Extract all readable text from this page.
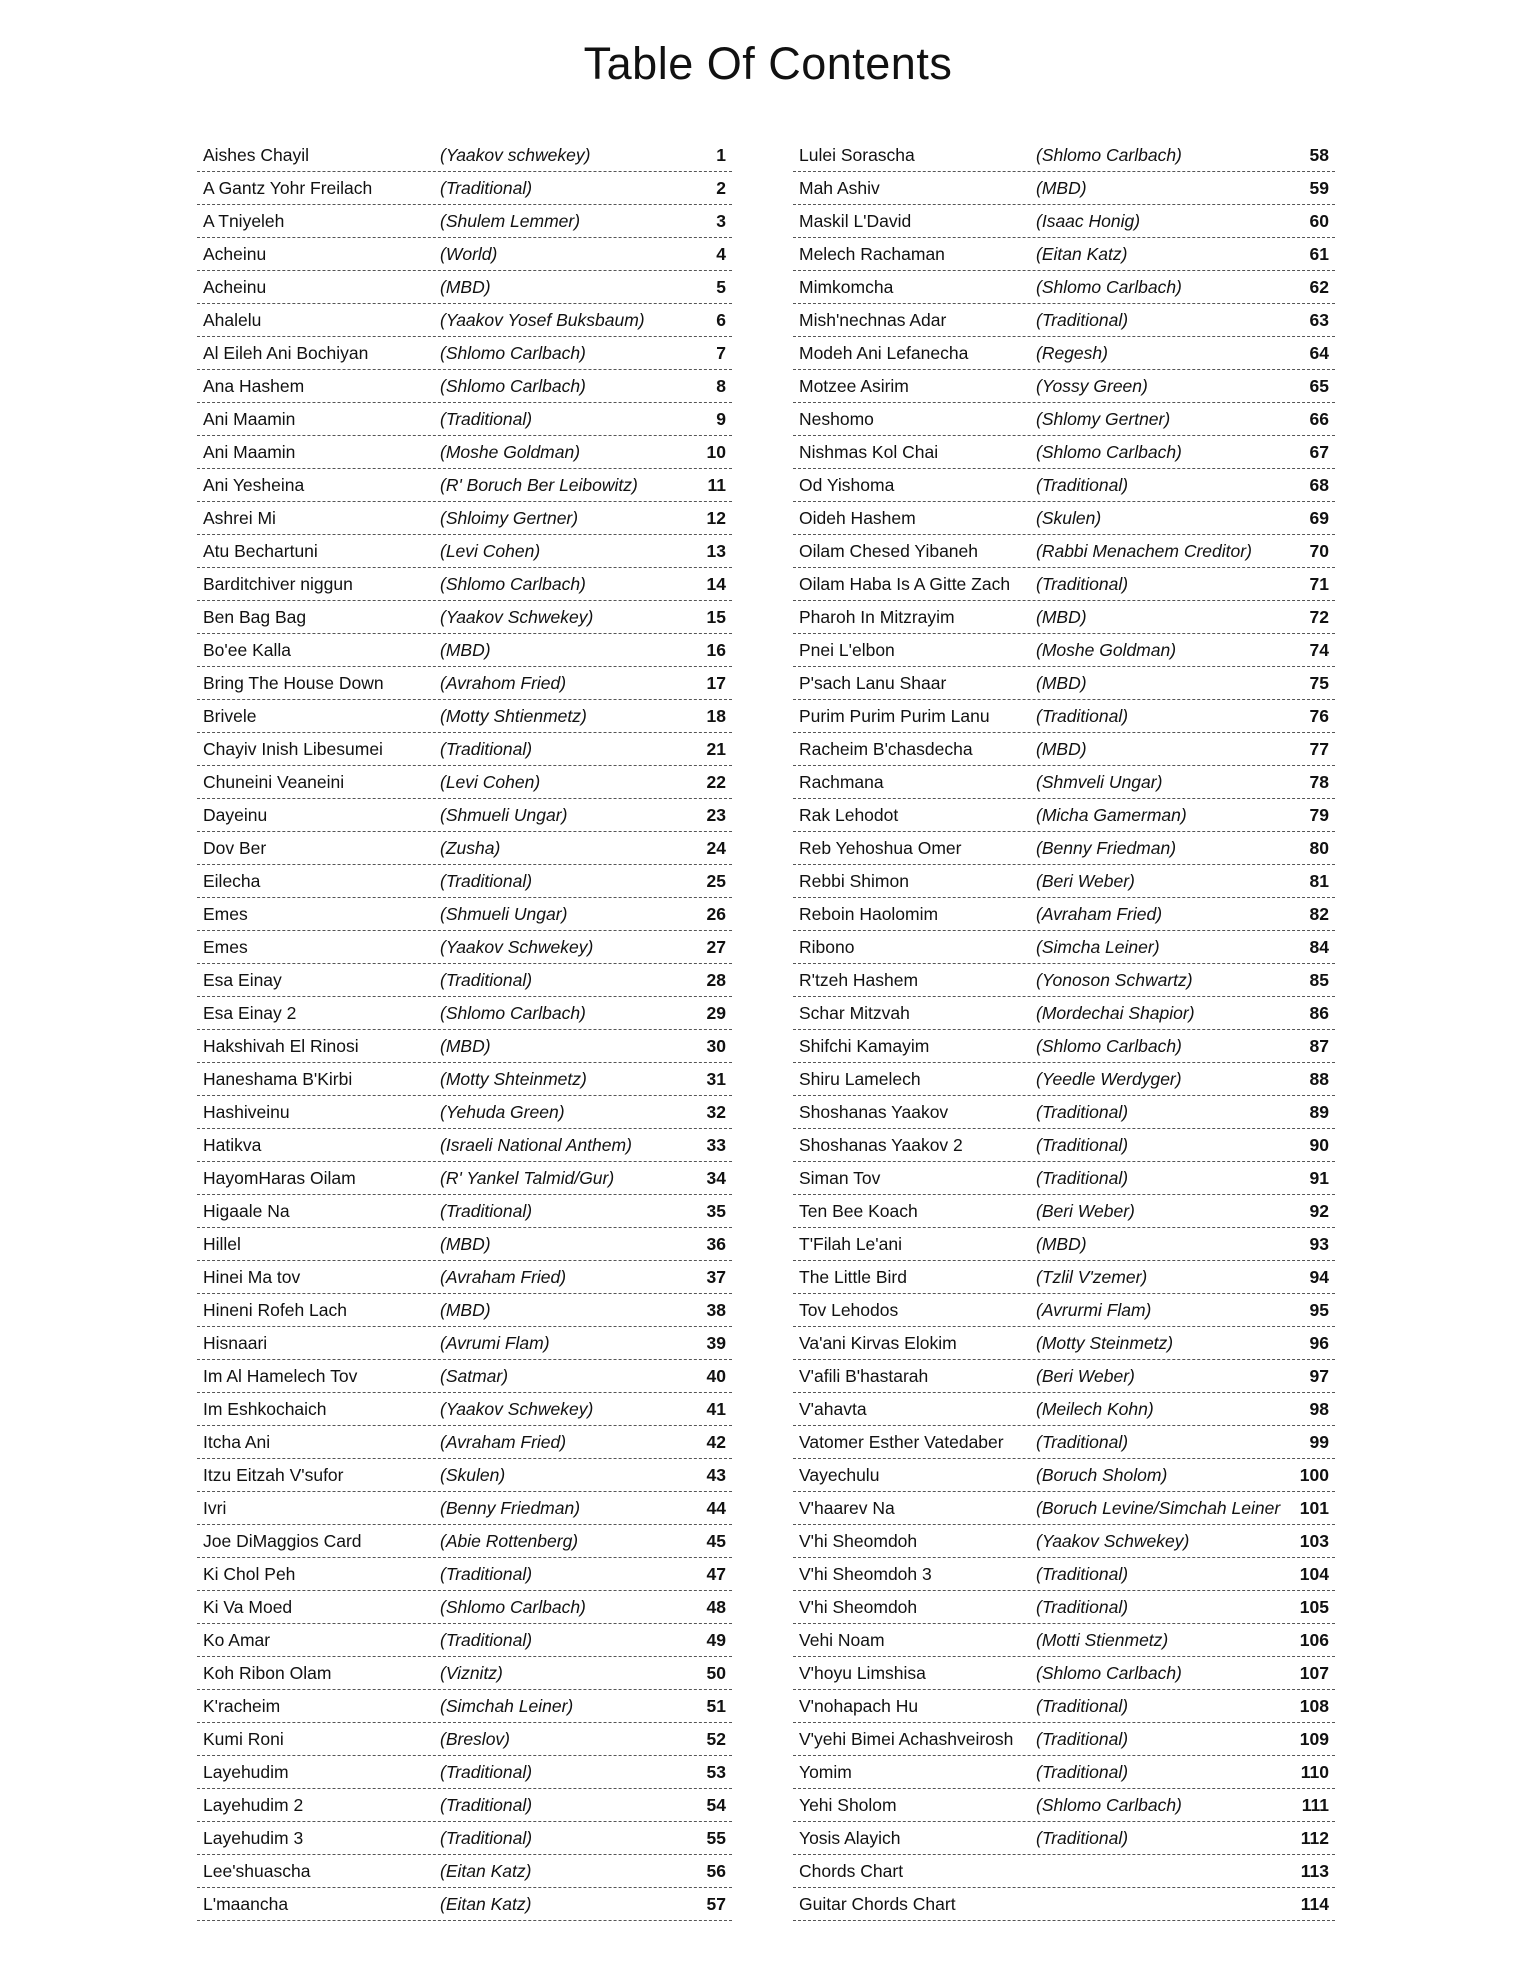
Table Of Contents
Aishes Chayil	(Yaakov schwekey)	1
A Gantz Yohr Freilach	(Traditional)	2
A Tniyeleh	(Shulem Lemmer)	3
Acheinu	(World)	4
Acheinu	(MBD)	5
Ahalelu	(Yaakov Yosef Buksbaum)	6
Al Eileh Ani Bochiyan	(Shlomo Carlbach)	7
Ana Hashem	(Shlomo Carlbach)	8
Ani Maamin	(Traditional)	9
Ani Maamin	(Moshe Goldman)	10
Ani Yesheina	(R' Boruch Ber Leibowitz)	11
Ashrei Mi	(Shloimy Gertner)	12
Atu Bechartuni	(Levi Cohen)	13
Barditchiver niggun	(Shlomo Carlbach)	14
Ben Bag Bag	(Yaakov Schwekey)	15
Bo'ee Kalla	(MBD)	16
Bring The House Down	(Avrahom Fried)	17
Brivele	(Motty Shtienmetz)	18
Chayiv Inish Libesumei	(Traditional)	21
Chuneini Veaneini	(Levi Cohen)	22
Dayeinu	(Shmueli Ungar)	23
Dov Ber	(Zusha)	24
Eilecha	(Traditional)	25
Emes	(Shmueli Ungar)	26
Emes	(Yaakov Schwekey)	27
Esa Einay	(Traditional)	28
Esa Einay 2	(Shlomo Carlbach)	29
Hakshivah El Rinosi	(MBD)	30
Haneshama B'Kirbi	(Motty Shteinmetz)	31
Hashiveinu	(Yehuda Green)	32
Hatikva	(Israeli National Anthem)	33
HayomHaras Oilam	(R' Yankel Talmid/Gur)	34
Higaale Na	(Traditional)	35
Hillel	(MBD)	36
Hinei Ma tov	(Avraham Fried)	37
Hineni Rofeh Lach	(MBD)	38
Hisnaari	(Avrumi Flam)	39
Im Al Hamelech Tov	(Satmar)	40
Im Eshkochaich	(Yaakov Schwekey)	41
Itcha Ani	(Avraham Fried)	42
Itzu Eitzah V'sufor	(Skulen)	43
Ivri	(Benny Friedman)	44
Joe DiMaggios Card	(Abie Rottenberg)	45
Ki Chol Peh	(Traditional)	47
Ki Va Moed	(Shlomo Carlbach)	48
Ko Amar	(Traditional)	49
Koh Ribon Olam	(Viznitz)	50
K'racheim	(Simchah Leiner)	51
Kumi Roni	(Breslov)	52
Layehudim	(Traditional)	53
Layehudim 2	(Traditional)	54
Layehudim 3	(Traditional)	55
Lee'shuascha	(Eitan Katz)	56
L'maancha	(Eitan Katz)	57
Lulei Sorascha	(Shlomo Carlbach)	58
Mah Ashiv	(MBD)	59
Maskil L'David	(Isaac Honig)	60
Melech Rachaman	(Eitan Katz)	61
Mimkomcha	(Shlomo Carlbach)	62
Mish'nechnas Adar	(Traditional)	63
Modeh Ani Lefanecha	(Regesh)	64
Motzee Asirim	(Yossy Green)	65
Neshomo	(Shlomy Gertner)	66
Nishmas Kol Chai	(Shlomo Carlbach)	67
Od Yishoma	(Traditional)	68
Oideh Hashem	(Skulen)	69
Oilam Chesed Yibaneh	(Rabbi Menachem Creditor)	70
Oilam Haba Is A Gitte Zach	(Traditional)	71
Pharoh In Mitzrayim	(MBD)	72
Pnei L'elbon	(Moshe Goldman)	74
P'sach Lanu Shaar	(MBD)	75
Purim Purim Purim Lanu	(Traditional)	76
Racheim B'chasdecha	(MBD)	77
Rachmana	(Shmveli Ungar)	78
Rak Lehodot	(Micha Gamerman)	79
Reb Yehoshua Omer	(Benny Friedman)	80
Rebbi Shimon	(Beri Weber)	81
Reboin Haolomim	(Avraham Fried)	82
Ribono	(Simcha Leiner)	84
R'tzeh Hashem	(Yonoson Schwartz)	85
Schar Mitzvah	(Mordechai Shapior)	86
Shifchi Kamayim	(Shlomo Carlbach)	87
Shiru Lamelech	(Yeedle Werdyger)	88
Shoshanas Yaakov	(Traditional)	89
Shoshanas Yaakov 2	(Traditional)	90
Siman Tov	(Traditional)	91
Ten Bee Koach	(Beri Weber)	92
T'Filah Le'ani	(MBD)	93
The Little Bird	(Tzlil V'zemer)	94
Tov Lehodos	(Avrurmi Flam)	95
Va'ani Kirvas Elokim	(Motty Steinmetz)	96
V'afili B'hastarah	(Beri Weber)	97
V'ahavta	(Meilech Kohn)	98
Vatomer Esther Vatedaber	(Traditional)	99
Vayechulu	(Boruch Sholom)	100
V'haarev Na	(Boruch Levine/Simchah Leiner	101
V'hi Sheomdoh	(Yaakov Schwekey)	103
V'hi Sheomdoh 3	(Traditional)	104
V'hi Sheomdoh	(Traditional)	105
Vehi Noam	(Motti Stienmetz)	106
V'hoyu Limshisa	(Shlomo Carlbach)	107
V'nohapach Hu	(Traditional)	108
V'yehi Bimei Achashveirosh	(Traditional)	109
Yomim	(Traditional)	110
Yehi Sholom	(Shlomo Carlbach)	111
Yosis Alayich	(Traditional)	112
Chords Chart	113
Guitar Chords Chart	114
